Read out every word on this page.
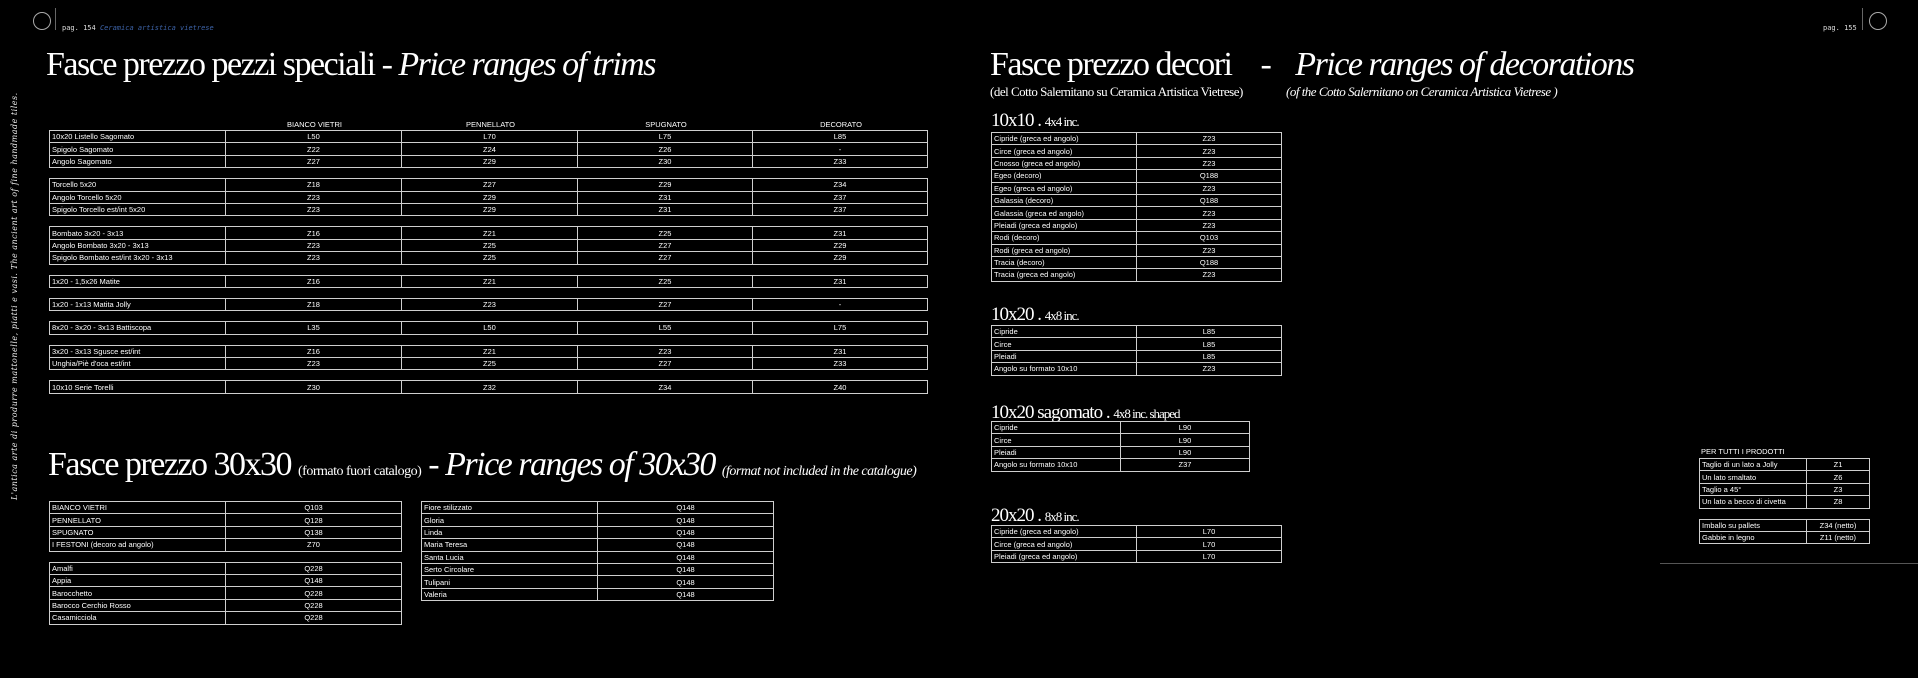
pag. 154 Ceramica artistica vietrese	pag. 155
L'antica arte di produrre mattonelle, piatti e vasi. The ancient art of fine handmade tiles.
Fasce prezzo pezzi speciali - Price ranges of trims
	BIANCO VIETRI	PENNELLATO	SPUGNATO	DECORATO
10x20 Listello Sagomato	L50	L70	L75	L85
Spigolo Sagomato	Z22	Z24	Z26	-
Angolo Sagomato	Z27	Z29	Z30	Z33

Torcello 5x20	Z18	Z27	Z29	Z34
Angolo Torcello 5x20	Z23	Z29	Z31	Z37
Spigolo Torcello est/int 5x20	Z23	Z29	Z31	Z37

Bombato 3x20 - 3x13	Z16	Z21	Z25	Z31
Angolo Bombato 3x20 - 3x13	Z23	Z25	Z27	Z29
Spigolo Bombato est/int 3x20 - 3x13	Z23	Z25	Z27	Z29

1x20 - 1,5x26 Matite	Z16	Z21	Z25	Z31

1x20 - 1x13 Matita Jolly	Z18	Z23	Z27	-

8x20 - 3x20 - 3x13 Battiscopa	L35	L50	L55	L75

3x20 - 3x13 Sgusce est/int	Z16	Z21	Z23	Z31
Unghia/Piè d'oca est/int	Z23	Z25	Z27	Z33

10x10 Serie Torelli	Z30	Z32	Z34	Z40
Fasce prezzo 30x30 (formato fuori catalogo) - Price ranges of 30x30 (format not included in the catalogue)
BIANCO VIETRI	Q103
PENNELLATO	Q128
SPUGNATO	Q138
I FESTONI (decoro ad angolo)	Z70

Amalfi	Q228
Appia	Q148
Barocchetto	Q228
Barocco Cerchio Rosso	Q228
Casamicciola	Q228
Fiore stilizzato	Q148
Gloria	Q148
Linda	Q148
Maria Teresa	Q148
Santa Lucia	Q148
Serto Circolare	Q148
Tulipani	Q148
Valeria	Q148
Fasce prezzo decori - Price ranges of decorations
(del Cotto Salernitano su Ceramica Artistica Vietrese)	(of the Cotto Salernitano on Ceramica Artistica Vietrese )
10x10 . 4x4 inc.
Cipride (greca ed angolo)	Z23
Circe (greca ed angolo)	Z23
Cnosso (greca ed angolo)	Z23
Egeo (decoro)	Q188
Egeo (greca ed angolo)	Z23
Galassia (decoro)	Q188
Galassia (greca ed angolo)	Z23
Pleiadi (greca ed angolo)	Z23
Rodi (decoro)	Q103
Rodi (greca ed angolo)	Z23
Tracia (decoro)	Q188
Tracia (greca ed angolo)	Z23
10x20 . 4x8 inc.
Cipride	L85
Circe	L85
Pleiadi	L85
Angolo su formato 10x10	Z23
10x20 sagomato . 4x8 inc. shaped
Cipride	L90
Circe	L90
Pleiadi	L90
Angolo su formato 10x10	Z37
20x20 . 8x8 inc.
Cipride (greca ed angolo)	L70
Circe (greca ed angolo)	L70
Pleiadi (greca ed angolo)	L70
PER TUTTI I PRODOTTI
Taglio di un lato a Jolly	Z1
Un lato smaltato	Z6
Taglio a 45°	Z3
Un lato a becco di civetta	Z8

Imballo su pallets	Z34 (netto)
Gabbie in legno	Z11 (netto)
